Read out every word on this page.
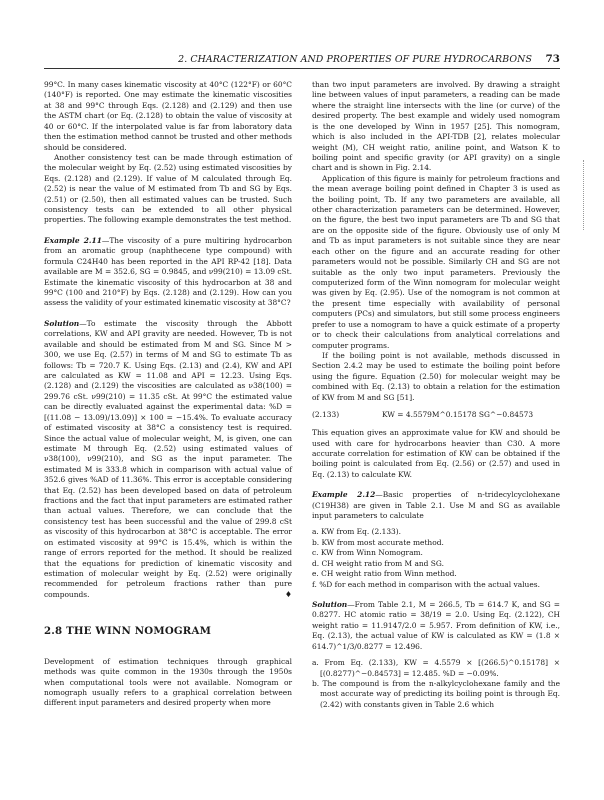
2. CHARACTERIZATION AND PROPERTIES OF PURE HYDROCARBONS 73

99°C. In many cases kinematic viscosity at 40°C (122°F) or 60°C (140°F) is reported. One may estimate the kinematic viscosities at 38 and 99°C through Eqs. (2.128) and (2.129) and then use the ASTM chart (or Eq. (2.128) to obtain the value of viscosity at 40 or 60°C. If the interpolated value is far from laboratory data then the estimation method cannot be trusted and other methods should be considered.

Another consistency test can be made through estimation of the molecular weight by Eq. (2.52) using estimated viscosities by Eqs. (2.128) and (2.129). If value of M calculated through Eq. (2.52) is near the value of M estimated from Tb and SG by Eqs. (2.51) or (2.50), then all estimated values can be trusted. Such consistency tests can be extended to all other physical properties. The following example demonstrates the test method.

Example 2.11—The viscosity of a pure multiring hydrocarbon from an aromatic group (naphthecene type compound) with formula C24H40 has been reported in the API RP-42 [18]. Data available are M = 352.6, SG = 0.9845, and ν99(210) = 13.09 cSt. Estimate the kinematic viscosity of this hydrocarbon at 38 and 99°C (100 and 210°F) by Eqs. (2.128) and (2.129). How can you assess the validity of your estimated kinematic viscosity at 38°C?

Solution—To estimate the viscosity through the Abbott correlations, KW and API gravity are needed. However, Tb is not available and should be estimated from M and SG. Since M > 300, we use Eq. (2.57) in terms of M and SG to estimate Tb as follows: Tb = 720.7 K. Using Eqs. (2.13) and (2.4), KW and API are calculated as KW = 11.08 and API = 12.23. Using Eqs. (2.128) and (2.129) the viscosities are calculated as ν38(100) = 299.76 cSt. ν99(210) = 11.35 cSt. At 99°C the estimated value can be directly evaluated against the experimental data: %D = [(11.08 − 13.09)/13.09)] × 100 = −15.4%. To evaluate accuracy of estimated viscosity at 38°C a consistency test is required. Since the actual value of molecular weight, M, is given, one can estimate M through Eq. (2.52) using estimated values of ν38(100), ν99(210), and SG as the input parameter. The estimated M is 333.8 which in comparison with actual value of 352.6 gives %AD of 11.36%. This error is acceptable considering that Eq. (2.52) has been developed based on data of petroleum fractions and the fact that input parameters are estimated rather than actual values. Therefore, we can conclude that the consistency test has been successful and the value of 299.8 cSt as viscosity of this hydrocarbon at 38°C is acceptable. The error on estimated viscosity at 99°C is 15.4%, which is within the range of errors reported for the method. It should be realized that the equations for prediction of kinematic viscosity and estimation of molecular weight by Eq. (2.52) were originally recommended for petroleum fractions rather than pure compounds.	♦

2.8 THE WINN NOMOGRAM

Development of estimation techniques through graphical methods was quite common in the 1930s through the 1950s when computational tools were not available. Nomogram or nomograph usually refers to a graphical correlation between different input parameters and desired property when more

than two input parameters are involved. By drawing a straight line between values of input parameters, a reading can be made where the straight line intersects with the line (or curve) of the desired property. The best example and widely used nomogram is the one developed by Winn in 1957 [25]. This nomogram, which is also included in the API-TDB [2], relates molecular weight (M), CH weight ratio, aniline point, and Watson K to boiling point and specific gravity (or API gravity) on a single chart and is shown in Fig. 2.14.

Application of this figure is mainly for petroleum fractions and the mean average boiling point defined in Chapter 3 is used as the boiling point, Tb. If any two parameters are available, all other characterization parameters can be determined. However, on the figure, the best two input parameters are Tb and SG that are on the opposite side of the figure. Obviously use of only M and Tb as input parameters is not suitable since they are near each other on the figure and an accurate reading for other parameters would not be possible. Similarly CH and SG are not suitable as the only two input parameters. Previously the computerized form of the Winn nomogram for molecular weight was given by Eq. (2.95). Use of the nomogram is not common at the present time especially with availability of personal computers (PCs) and simulators, but still some process engineers prefer to use a nomogram to have a quick estimate of a property or to check their calculations from analytical correlations and computer programs.

If the boiling point is not available, methods discussed in Section 2.4.2 may be used to estimate the boiling point before using the figure. Equation (2.50) for molecular weight may be combined with Eq. (2.13) to obtain a relation for the estimation of KW from M and SG [51].

(2.133)	KW = 4.5579M^0.15178 SG^−0.84573

This equation gives an approximate value for KW and should be used with care for hydrocarbons heavier than C30. A more accurate correlation for estimation of KW can be obtained if the boiling point is calculated from Eq. (2.56) or (2.57) and used in Eq. (2.13) to calculate KW.

Example 2.12—Basic properties of n-tridecylcyclohexane (C19H38) are given in Table 2.1. Use M and SG as available input parameters to calculate

a. KW from Eq. (2.133).
b. KW from most accurate method.
c. KW from Winn Nomogram.
d. CH weight ratio from M and SG.
e. CH weight ratio from Winn method.
f. %D for each method in comparison with the actual values.

Solution—From Table 2.1, M = 266.5, Tb = 614.7 K, and SG = 0.8277. HC atomic ratio = 38/19 = 2.0. Using Eq. (2.122), CH weight ratio = 11.9147/2.0 = 5.957. From definition of KW, i.e., Eq. (2.13), the actual value of KW is calculated as KW = (1.8 × 614.7)^1/3/0.8277 = 12.496.

a. From Eq. (2.133), KW = 4.5579 × [(266.5)^0.15178] × [(0.8277)^−0.84573] = 12.485. %D = −0.09%.
b. The compound is from the n-alkylcyclohexane family and the most accurate way of predicting its boiling point is through Eq. (2.42) with constants given in Table 2.6 which
